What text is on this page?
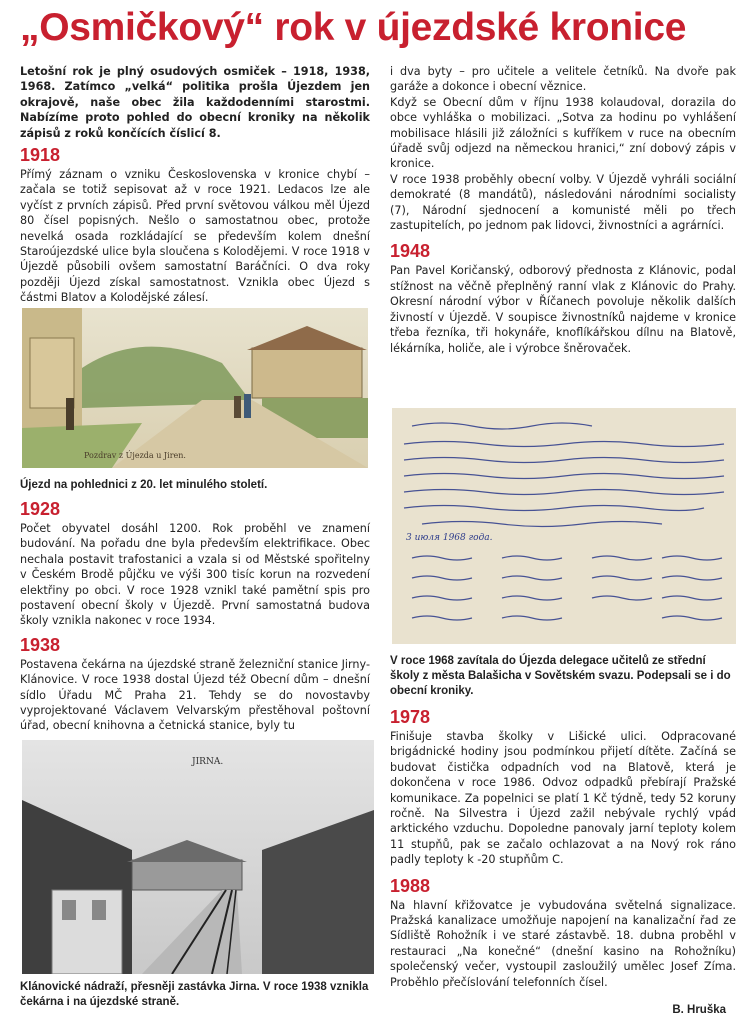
„Osmičkový“ rok v újezdské kronice

Letošní rok je plný osudových osmiček – 1918, 1938, 1968. Zatímco „velká“ politika prošla Újezdem jen okrajově, naše obec žila každodenními starostmi. Nabízíme proto pohled do obecní kroniky na několik zápisů z roků končících číslicí 8.

1918

Přímý záznam o vzniku Československa v kronice chybí – začala se totiž sepisovat až v roce 1921. Ledacos lze ale vyčíst z prvních zápisů. Před první světovou válkou měl Újezd 80 čísel popisných. Nešlo o samostatnou obec, protože nevelká osada rozkládající se především kolem dnešní Staroújezdské ulice byla sloučena s Kolodějemi. V roce 1918 v Újezdě působili ovšem samostatní Baráčníci. O dva roky později Újezd získal samostatnost. Vznikla obec Újezd s částmi Blatov a Kolodějské zálesí.

Pozdrav z Újezda u Jiren.

Újezd na pohlednici z 20. let minulého století.

1928

Počet obyvatel dosáhl 1200. Rok proběhl ve znamení budování. Na pořadu dne byla především elektrifikace. Obec nechala postavit trafostanici a vzala si od Městské spořitelny v Českém Brodě půjčku ve výši 300 tisíc korun na rozvedení elektřiny po obci. V roce 1928 vznikl také pamětní spis pro postavení obecní školy v Újezdě. První samostatná budova školy vznikla nakonec v roce 1934.

1938

Postavena čekárna na újezdské straně železniční stanice Jirny-Klánovice. V roce 1938 dostal Újezd též Obecní dům – dnešní sídlo Úřadu MČ Praha 21. Tehdy se do novostavby vyprojektované Václavem Velvarským přestěhoval poštovní úřad, obecní knihovna a četnická stanice, byly tu

JIRNA.

Klánovické nádraží, přesněji zastávka Jirna. V roce 1938 vznikla čekárna i na újezdské straně.

i dva byty – pro učitele a velitele četníků. Na dvoře pak garáže a dokonce i obecní věznice.

Když se Obecní dům v říjnu 1938 kolaudoval, dorazila do obce vyhláška o mobilizaci. „Sotva za hodinu po vyhlášení mobilisace hlásili již záložníci s kufříkem v ruce na obecním úřadě svůj odjezd na německou hranici,“ zní dobový zápis v kronice.

V roce 1938 proběhly obecní volby. V Újezdě vyhráli sociální demokraté (8 mandátů), následováni národními socialisty (7), Národní sjednocení a komunisté měli po třech zastupitelích, po jednom pak lidovci, živnostníci a agrárníci.

1948

Pan Pavel Koričanský, odborový přednosta z Klánovic, podal stížnost na věčně přeplněný ranní vlak z Klánovic do Prahy. Okresní národní výbor v Říčanech povoluje několik dalších živností v Újezdě. V soupisce živnostníků najdeme v kronice třeba řezníka, tři hokynáře, knoflíkářskou dílnu na Blatově, lékárníka, holiče, ale i výrobce šněrovaček.

3 июля 1968 года.

V roce 1968 zavítala do Újezda delegace učitelů ze střední školy z města Balašicha v Sovětském svazu. Podepsali se i do obecní kroniky.

1978

Finišuje stavba školky v Lišické ulici. Odpracované brigádnické hodiny jsou podmínkou přijetí dítěte. Začíná se budovat čistička odpadních vod na Blatově, která je dokončena v roce 1986. Odvoz odpadků přebírají Pražské komunikace. Za popelnici se platí 1 Kč týdně, tedy 52 koruny ročně. Na Silvestra i Újezd zažil nebývale rychlý vpád arktického vzduchu. Dopoledne panovaly jarní teploty kolem 11 stupňů, pak se začalo ochlazovat a na Nový rok ráno padly teploty k -20 stupňům C.

1988

Na hlavní křižovatce je vybudována světelná signalizace. Pražská kanalizace umožňuje napojení na kanalizační řad ze Sídliště Rohožník i ve staré zástavbě. 18. dubna proběhl v restauraci „Na konečné“ (dnešní kasino na Rohožníku) společenský večer, vystoupil zasloužilý umělec Josef Zíma. Proběhlo přečíslování telefonních čísel.

B. Hruška
